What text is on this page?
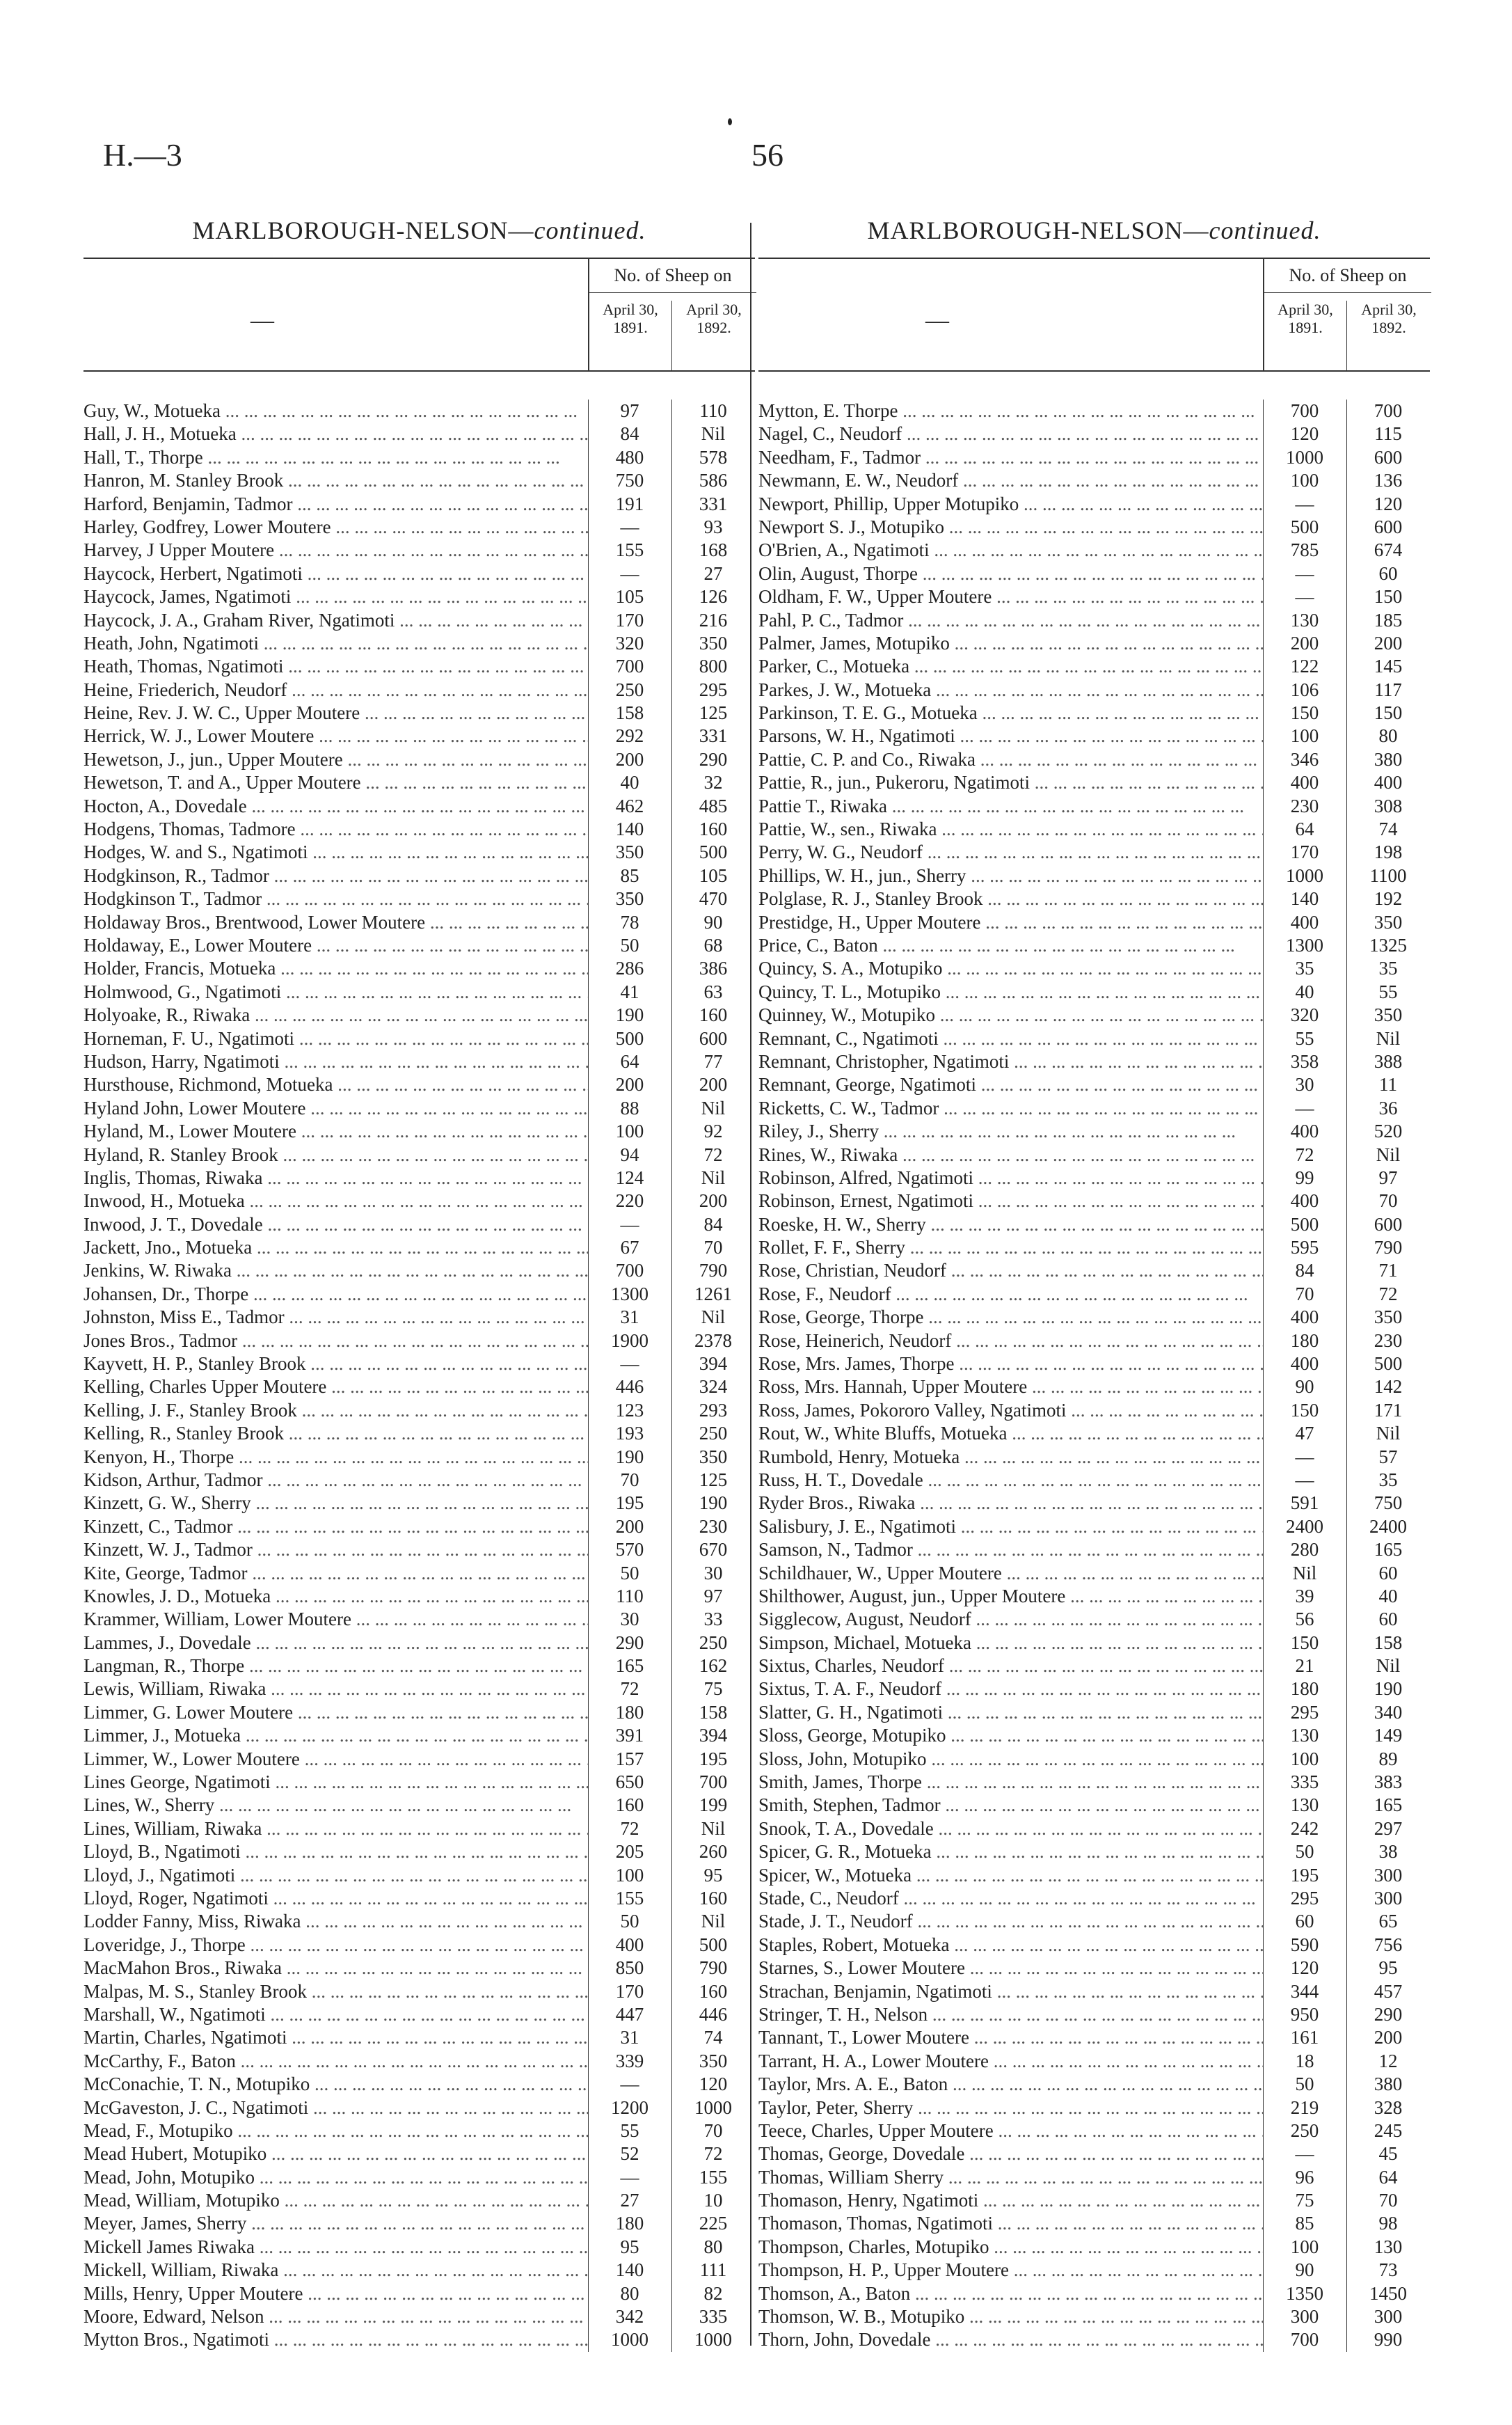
H.—3	56
MARLBOROUGH-NELSON—continued.
—
No. of Sheep on
April 30, 1891.
April 30, 1892.
Guy, W., Motueka ...	97	110
Hall, J. H., Motueka ...	84	Nil
Hall, T., Thorpe ...	480	578
Hanron, M. Stanley Brook ...	750	586
Harford, Benjamin, Tadmor ...	191	331
Harley, Godfrey, Lower Moutere ...	—	93
Harvey, J Upper Moutere ...	155	168
Haycock, Herbert, Ngatimoti ...	—	27
Haycock, James, Ngatimoti ...	105	126
Haycock, J. A., Graham River, Ngatimoti ...	170	216
Heath, John, Ngatimoti ...	320	350
Heath, Thomas, Ngatimoti ...	700	800
Heine, Friederich, Neudorf ...	250	295
Heine, Rev. J. W. C., Upper Moutere ...	158	125
Herrick, W. J., Lower Moutere ...	292	331
Hewetson, J., jun., Upper Moutere ...	200	290
Hewetson, T. and A., Upper Moutere ...	40	32
Hocton, A., Dovedale ...	462	485
Hodgens, Thomas, Tadmore ...	140	160
Hodges, W. and S., Ngatimoti ...	350	500
Hodgkinson, R., Tadmor ...	85	105
Hodgkinson T., Tadmor ...	350	470
Holdaway Bros., Brentwood, Lower Moutere ...	78	90
Holdaway, E., Lower Moutere ...	50	68
Holder, Francis, Motueka ...	286	386
Holmwood, G., Ngatimoti ...	41	63
Holyoake, R., Riwaka ...	190	160
Horneman, F. U., Ngatimoti ...	500	600
Hudson, Harry, Ngatimoti ...	64	77
Hursthouse, Richmond, Motueka ...	200	200
Hyland John, Lower Moutere ...	88	Nil
Hyland, M., Lower Moutere ...	100	92
Hyland, R. Stanley Brook ...	94	72
Inglis, Thomas, Riwaka ...	124	Nil
Inwood, H., Motueka ...	220	200
Inwood, J. T., Dovedale ...	—	84
Jackett, Jno., Motueka ...	67	70
Jenkins, W. Riwaka ...	700	790
Johansen, Dr., Thorpe ...	1300	1261
Johnston, Miss E., Tadmor ...	31	Nil
Jones Bros., Tadmor ...	1900	2378
Kayvett, H. P., Stanley Brook ...	—	394
Kelling, Charles Upper Moutere ...	446	324
Kelling, J. F., Stanley Brook ...	123	293
Kelling, R., Stanley Brook ...	193	250
Kenyon, H., Thorpe ...	190	350
Kidson, Arthur, Tadmor ...	70	125
Kinzett, G. W., Sherry ...	195	190
Kinzett, C., Tadmor ...	200	230
Kinzett, W. J., Tadmor ...	570	670
Kite, George, Tadmor ...	50	30
Knowles, J. D., Motueka ...	110	97
Krammer, William, Lower Moutere ...	30	33
Lammes, J., Dovedale ...	290	250
Langman, R., Thorpe ...	165	162
Lewis, William, Riwaka ...	72	75
Limmer, G. Lower Moutere ...	180	158
Limmer, J., Motueka ...	391	394
Limmer, W., Lower Moutere ...	157	195
Lines George, Ngatimoti ...	650	700
Lines, W., Sherry ...	160	199
Lines, William, Riwaka ...	72	Nil
Lloyd, B., Ngatimoti ...	205	260
Lloyd, J., Ngatimoti ...	100	95
Lloyd, Roger, Ngatimoti ...	155	160
Lodder Fanny, Miss, Riwaka ...	50	Nil
Loveridge, J., Thorpe ...	400	500
MacMahon Bros., Riwaka ...	850	790
Malpas, M. S., Stanley Brook ...	170	160
Marshall, W., Ngatimoti ...	447	446
Martin, Charles, Ngatimoti ...	31	74
McCarthy, F., Baton ...	339	350
McConachie, T. N., Motupiko ...	—	120
McGaveston, J. C., Ngatimoti ...	1200	1000
Mead, F., Motupiko ...	55	70
Mead Hubert, Motupiko ...	52	72
Mead, John, Motupiko ...	—	155
Mead, William, Motupiko ...	27	10
Meyer, James, Sherry ...	180	225
Mickell James Riwaka ...	95	80
Mickell, William, Riwaka ...	140	111
Mills, Henry, Upper Moutere ...	80	82
Moore, Edward, Nelson ...	342	335
Mytton Bros., Ngatimoti ...	1000	1000
MARLBOROUGH-NELSON—continued.
—
No. of Sheep on
April 30, 1891.
April 30, 1892.
Mytton, E. Thorpe ...	700	700
Nagel, C., Neudorf ...	120	115
Needham, F., Tadmor ...	1000	600
Newmann, E. W., Neudorf ...	100	136
Newport, Phillip, Upper Motupiko ...	—	120
Newport S. J., Motupiko ...	500	600
O'Brien, A., Ngatimoti ...	785	674
Olin, August, Thorpe ...	—	60
Oldham, F. W., Upper Moutere ...	—	150
Pahl, P. C., Tadmor ...	130	185
Palmer, James, Motupiko ...	200	200
Parker, C., Motueka ...	122	145
Parkes, J. W., Motueka ...	106	117
Parkinson, T. E. G., Motueka ...	150	150
Parsons, W. H., Ngatimoti ...	100	80
Pattie, C. P. and Co., Riwaka ...	346	380
Pattie, R., jun., Pukeroru, Ngatimoti ...	400	400
Pattie T., Riwaka ...	230	308
Pattie, W., sen., Riwaka ...	64	74
Perry, W. G., Neudorf ...	170	198
Phillips, W. H., jun., Sherry ...	1000	1100
Polglase, R. J., Stanley Brook ...	140	192
Prestidge, H., Upper Moutere ...	400	350
Price, C., Baton ...	1300	1325
Quincy, S. A., Motupiko ...	35	35
Quincy, T. L., Motupiko ...	40	55
Quinney, W., Motupiko ...	320	350
Remnant, C., Ngatimoti ...	55	Nil
Remnant, Christopher, Ngatimoti ...	358	388
Remnant, George, Ngatimoti ...	30	11
Ricketts, C. W., Tadmor ...	—	36
Riley, J., Sherry ...	400	520
Rines, W., Riwaka ...	72	Nil
Robinson, Alfred, Ngatimoti ...	99	97
Robinson, Ernest, Ngatimoti ...	400	70
Roeske, H. W., Sherry ...	500	600
Rollet, F. F., Sherry ...	595	790
Rose, Christian, Neudorf ...	84	71
Rose, F., Neudorf ...	70	72
Rose, George, Thorpe ...	400	350
Rose, Heinerich, Neudorf ...	180	230
Rose, Mrs. James, Thorpe ...	400	500
Ross, Mrs. Hannah, Upper Moutere ...	90	142
Ross, James, Pokororo Valley, Ngatimoti ...	150	171
Rout, W., White Bluffs, Motueka ...	47	Nil
Rumbold, Henry, Motueka ...	—	57
Russ, H. T., Dovedale ...	—	35
Ryder Bros., Riwaka ...	591	750
Salisbury, J. E., Ngatimoti ...	2400	2400
Samson, N., Tadmor ...	280	165
Schildhauer, W., Upper Moutere ...	Nil	60
Shilthower, August, jun., Upper Moutere ...	39	40
Sigglecow, August, Neudorf ...	56	60
Simpson, Michael, Motueka ...	150	158
Sixtus, Charles, Neudorf ...	21	Nil
Sixtus, T. A. F., Neudorf ...	180	190
Slatter, G. H., Ngatimoti ...	295	340
Sloss, George, Motupiko ...	130	149
Sloss, John, Motupiko ...	100	89
Smith, James, Thorpe ...	335	383
Smith, Stephen, Tadmor ...	130	165
Snook, T. A., Dovedale ...	242	297
Spicer, G. R., Motueka ...	50	38
Spicer, W., Motueka ...	195	300
Stade, C., Neudorf ...	295	300
Stade, J. T., Neudorf ...	60	65
Staples, Robert, Motueka ...	590	756
Starnes, S., Lower Moutere ...	120	95
Strachan, Benjamin, Ngatimoti ...	344	457
Stringer, T. H., Nelson ...	950	290
Tannant, T., Lower Moutere ...	161	200
Tarrant, H. A., Lower Moutere ...	18	12
Taylor, Mrs. A. E., Baton ...	50	380
Taylor, Peter, Sherry ...	219	328
Teece, Charles, Upper Moutere ...	250	245
Thomas, George, Dovedale ...	—	45
Thomas, William Sherry ...	96	64
Thomason, Henry, Ngatimoti ...	75	70
Thomason, Thomas, Ngatimoti ...	85	98
Thompson, Charles, Motupiko ...	100	130
Thompson, H. P., Upper Moutere ...	90	73
Thomson, A., Baton ...	1350	1450
Thomson, W. B., Motupiko ...	300	300
Thorn, John, Dovedale ...	700	990
